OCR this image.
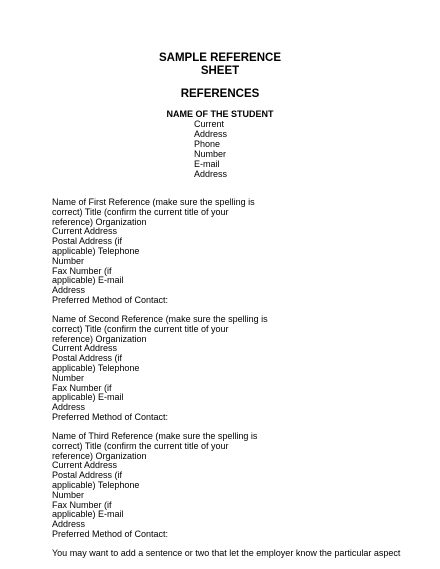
SAMPLE REFERENCE
SHEET
REFERENCES
NAME OF THE STUDENT
Current
Address
Phone
Number
E-mail
Address
Name of First Reference (make sure the spelling is
correct) Title (confirm the current title of your
reference) Organization
Current Address
Postal Address (if
applicable) Telephone
Number
Fax Number (if
applicable) E-mail
Address
Preferred Method of Contact:
Name of Second Reference (make sure the spelling is
correct) Title (confirm the current title of your
reference) Organization
Current Address
Postal Address (if
applicable) Telephone
Number
Fax Number (if
applicable) E-mail
Address
Preferred Method of Contact:
Name of Third Reference (make sure the spelling is
correct) Title (confirm the current title of your
reference) Organization
Current Address
Postal Address (if
applicable) Telephone
Number
Fax Number (if
applicable) E-mail
Address
Preferred Method of Contact:
You may want to add a sentence or two that let the employer know the particular aspect
